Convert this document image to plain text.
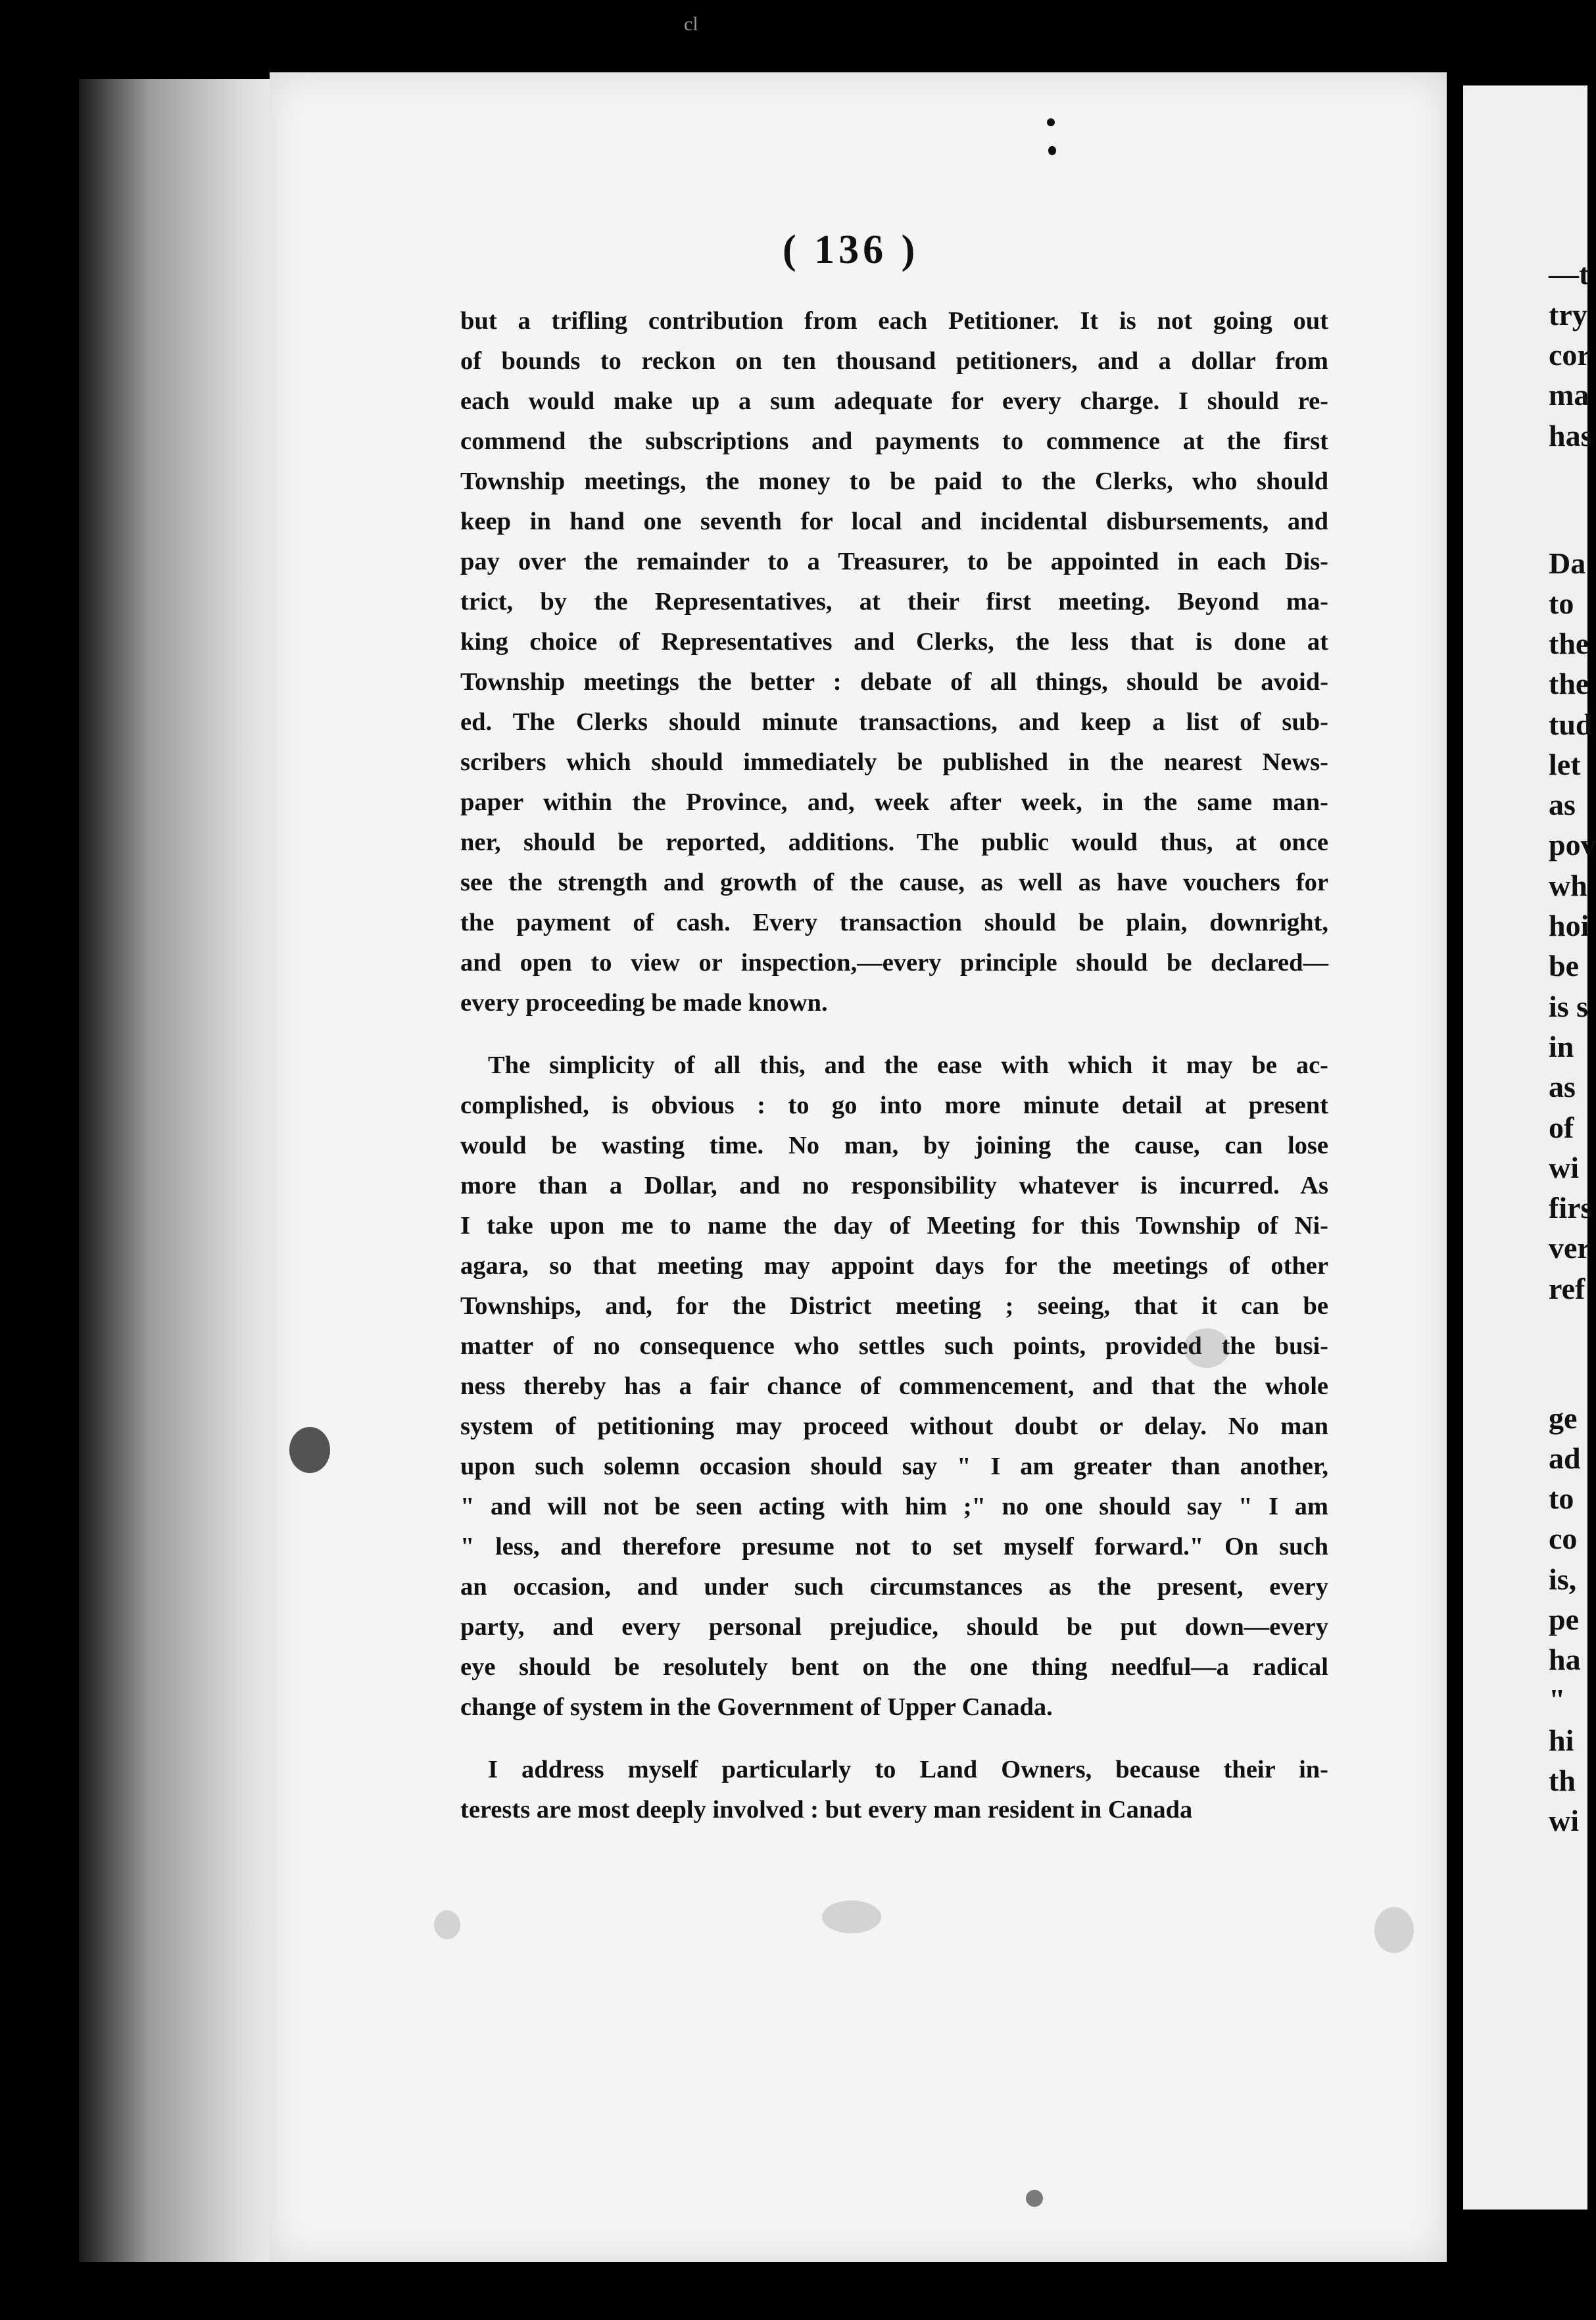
cl
( 136 )
but a trifling contribution from each Petitioner. It is not going out
of bounds to reckon on ten thousand petitioners, and a dollar from
each would make up a sum adequate for every charge. I should re-
commend the subscriptions and payments to commence at the first
Township meetings, the money to be paid to the Clerks, who should
keep in hand one seventh for local and incidental disbursements, and
pay over the remainder to a Treasurer, to be appointed in each Dis-
trict, by the Representatives, at their first meeting. Beyond ma-
king choice of Representatives and Clerks, the less that is done at
Township meetings the better : debate of all things, should be avoid-
ed. The Clerks should minute transactions, and keep a list of sub-
scribers which should immediately be published in the nearest News-
paper within the Province, and, week after week, in the same man-
ner, should be reported, additions. The public would thus, at once
see the strength and growth of the cause, as well as have vouchers for
the payment of cash. Every transaction should be plain, downright,
and open to view or inspection,—every principle should be declared—
every proceeding be made known.
The simplicity of all this, and the ease with which it may be ac-
complished, is obvious : to go into more minute detail at present
would be wasting time. No man, by joining the cause, can lose
more than a Dollar, and no responsibility whatever is incurred. As
I take upon me to name the day of Meeting for this Township of Ni-
agara, so that meeting may appoint days for the meetings of other
Townships, and, for the District meeting ; seeing, that it can be
matter of no consequence who settles such points, provided the busi-
ness thereby has a fair chance of commencement, and that the whole
system of petitioning may proceed without doubt or delay. No man
upon such solemn occasion should say " I am greater than another,
" and will not be seen acting with him ;" no one should say " I am
" less, and therefore presume not to set myself forward." On such
an occasion, and under such circumstances as the present, every
party, and every personal prejudice, should be put down—every
eye should be resolutely bent on the one thing needful—a radical
change of system in the Government of Upper Canada.
I address myself particularly to Land Owners, because their in-
terests are most deeply involved : but every man resident in Canada
—t
try
cor
ma
has
Da
to
the
the
tud
let
as
pov
wh
hoi
be
is s
in
as
of
wi
firs
ver
ref
ge
ad
to
co
is,
pe
ha
"
hi
th
wi
